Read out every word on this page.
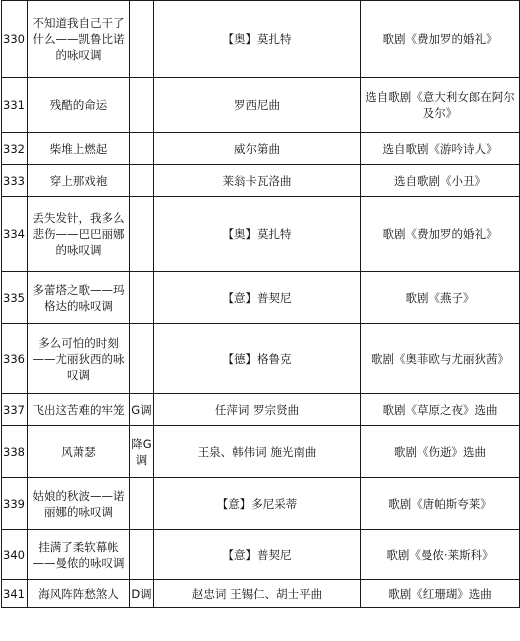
330	不知道我自己干了什么——凯鲁比诺的咏叹调		【奥】莫扎特	歌剧《费加罗的婚礼》
331	残酷的命运		罗西尼曲	选自歌剧《意大利女郎在阿尔及尔》
332	柴堆上燃起		威尔第曲	选自歌剧《游吟诗人》
333	穿上那戏袍		莱翁卡瓦洛曲	选自歌剧《小丑》
334	丢失发针，我多么悲伤——巴巴丽娜的咏叹调		【奥】莫扎特	歌剧《费加罗的婚礼》
335	多蕾塔之歌——玛格达的咏叹调		【意】普契尼	歌剧《燕子》
336	多么可怕的时刻——尤丽狄西的咏叹调		【德】格鲁克	歌剧《奥菲欧与尤丽狄茜》
337	飞出这苦难的牢笼	G调	任萍词 罗宗贤曲	歌剧《草原之夜》选曲
338	风萧瑟	降G调	王泉、韩伟词 施光南曲	歌剧《伤逝》选曲
339	姑娘的秋波——诺丽娜的咏叹调		【意】多尼采蒂	歌剧《唐帕斯夸莱》
340	挂满了柔软幕帐——曼侬的咏叹调		【意】普契尼	歌剧《曼侬·莱斯科》
341	海风阵阵愁煞人	D调	赵忠词 王锡仁、胡士平曲	歌剧《红珊瑚》选曲
